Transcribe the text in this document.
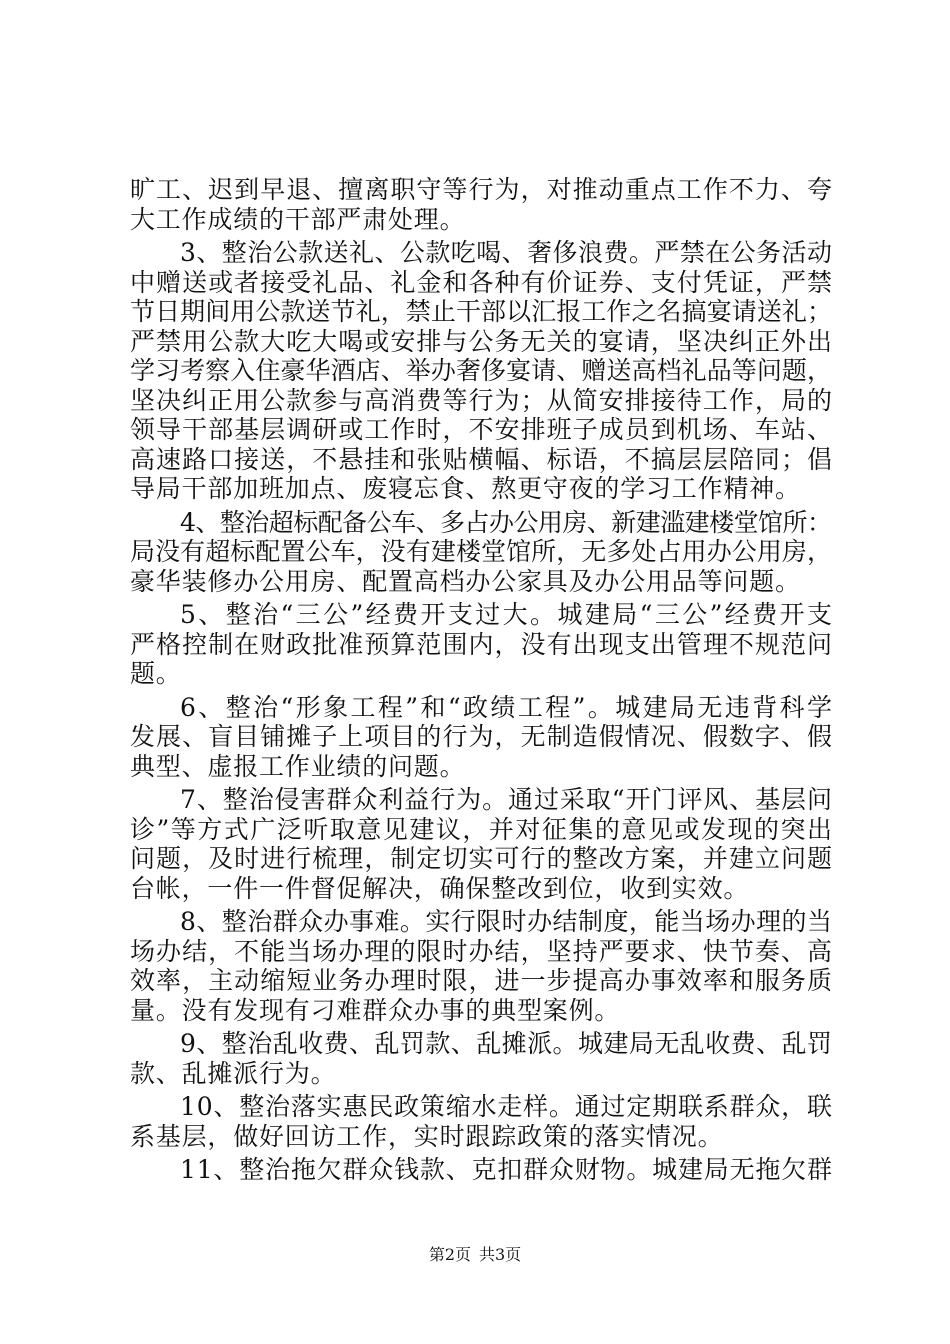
旷工、迟到早退、擅离职守等行为，对推动重点工作不力、夸
大工作成绩的干部严肃处理。
3、整治公款送礼、公款吃喝、奢侈浪费。严禁在公务活动
中赠送或者接受礼品、礼金和各种有价证券、支付凭证，严禁
节日期间用公款送节礼，禁止干部以汇报工作之名搞宴请送礼；
严禁用公款大吃大喝或安排与公务无关的宴请，坚决纠正外出
学习考察入住豪华酒店、举办奢侈宴请、赠送高档礼品等问题，
坚决纠正用公款参与高消费等行为；从简安排接待工作，局的
领导干部基层调研或工作时，不安排班子成员到机场、车站、
高速路口接送，不悬挂和张贴横幅、标语，不搞层层陪同；倡
导局干部加班加点、废寝忘食、熬更守夜的学习工作精神。
4、整治超标配备公车、多占办公用房、新建滥建楼堂馆所：
局没有超标配置公车，没有建楼堂馆所，无多处占用办公用房，
豪华装修办公用房、配置高档办公家具及办公用品等问题。
5、整治“三公”经费开支过大。城建局“三公”经费开支
严格控制在财政批准预算范围内，没有出现支出管理不规范问
题。
6、整治“形象工程”和“政绩工程”。城建局无违背科学
发展、盲目铺摊子上项目的行为，无制造假情况、假数字、假
典型、虚报工作业绩的问题。
7、整治侵害群众利益行为。通过采取“开门评风、基层问
诊”等方式广泛听取意见建议，并对征集的意见或发现的突出
问题，及时进行梳理，制定切实可行的整改方案，并建立问题
台帐，一件一件督促解决，确保整改到位，收到实效。
8、整治群众办事难。实行限时办结制度，能当场办理的当
场办结，不能当场办理的限时办结，坚持严要求、快节奏、高
效率，主动缩短业务办理时限，进一步提高办事效率和服务质
量。没有发现有刁难群众办事的典型案例。
9、整治乱收费、乱罚款、乱摊派。城建局无乱收费、乱罚
款、乱摊派行为。
10、整治落实惠民政策缩水走样。通过定期联系群众，联
系基层，做好回访工作，实时跟踪政策的落实情况。
11、整治拖欠群众钱款、克扣群众财物。城建局无拖欠群
第2页 共3页
